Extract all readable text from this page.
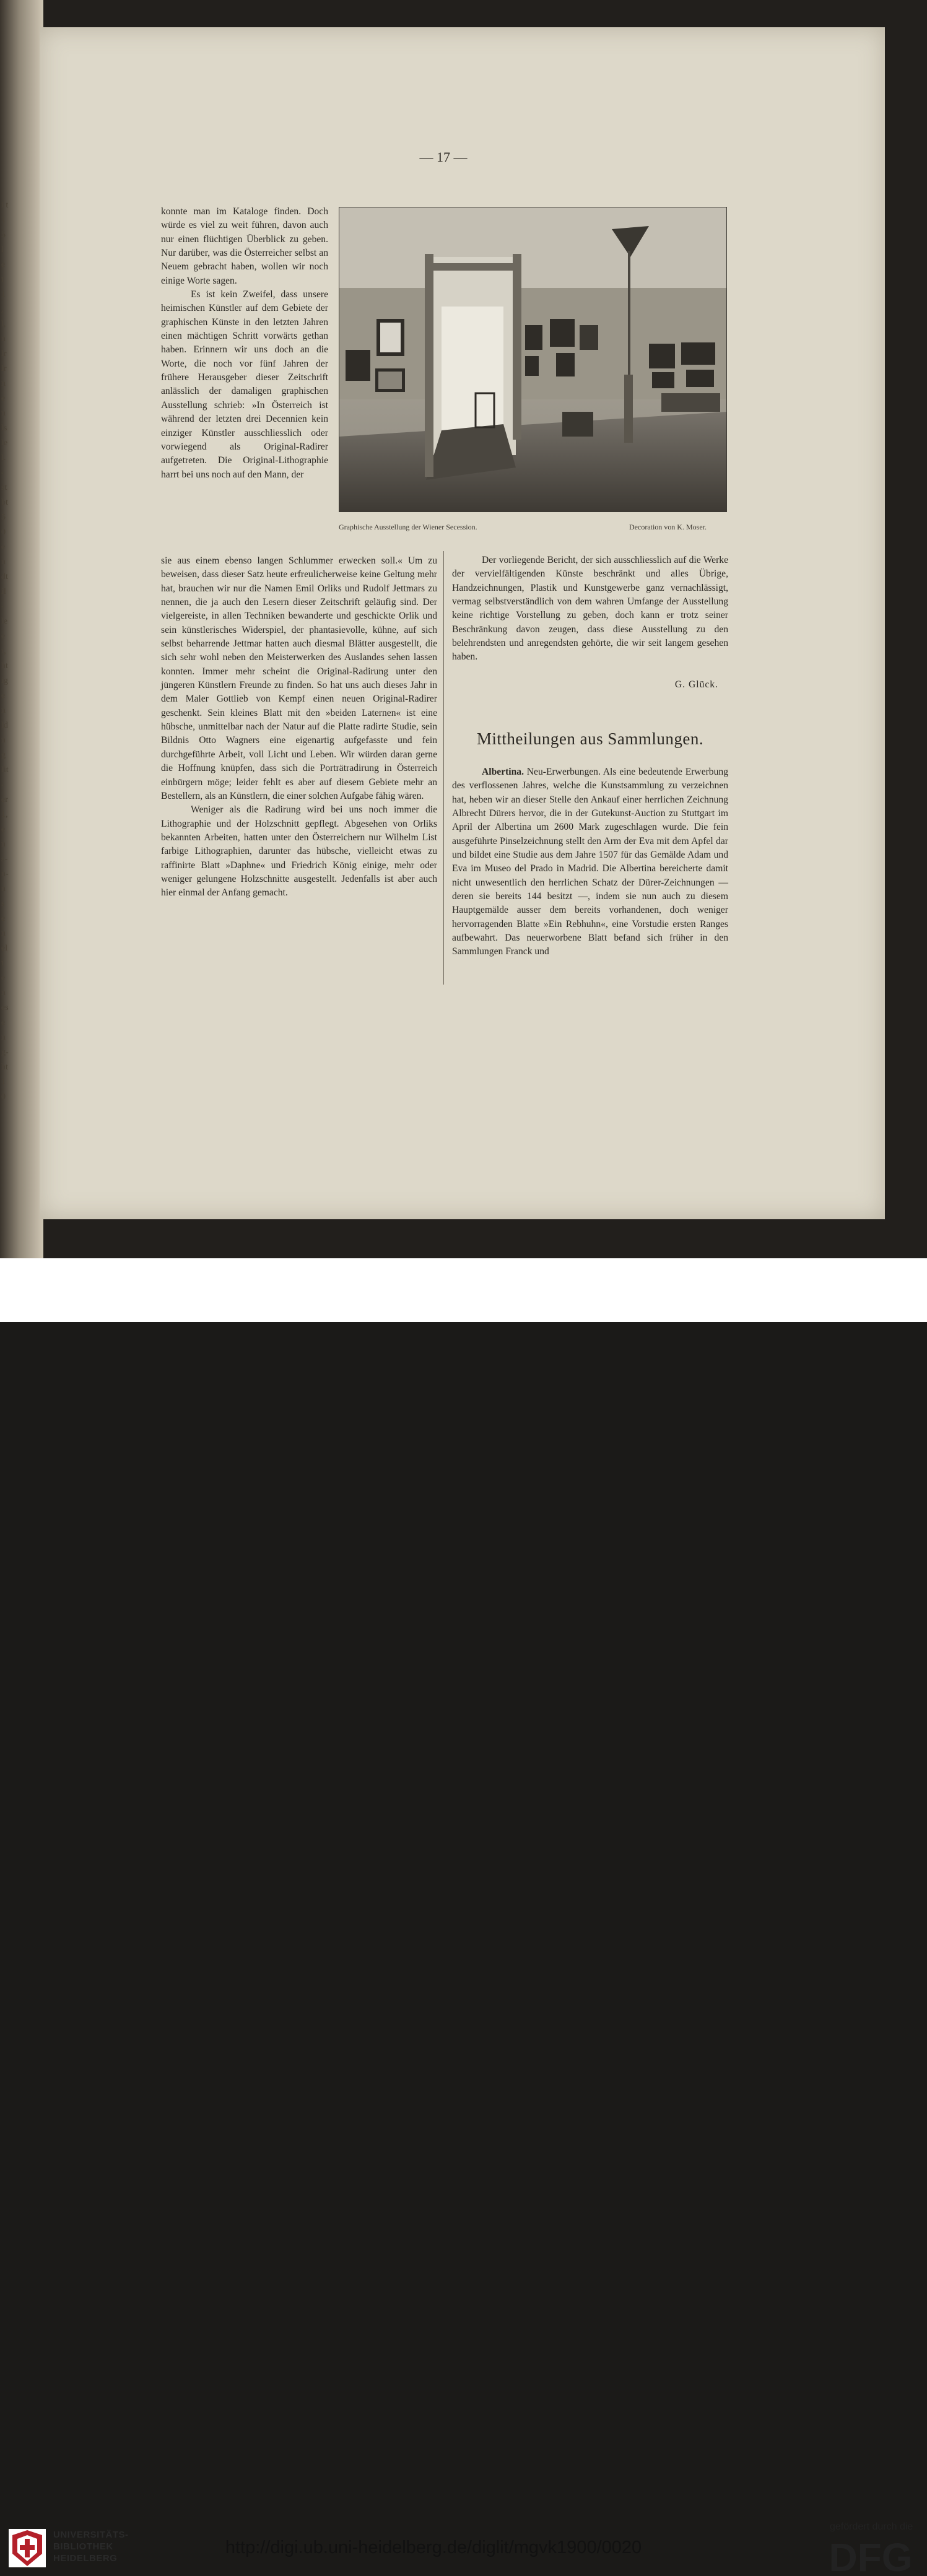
i t 1 5 l e t 1 , l, n lr lr n e n ls le l. - st bt 50 en dt il- le er, ht ig en ld ng lit- er 1, en s- n- ns en elt en es en g- ht 10
— 17 —

konnte man im Kataloge finden. Doch würde es viel zu weit führen, davon auch nur einen flüchtigen Überblick zu geben. Nur darüber, was die Österreicher selbst an Neuem gebracht haben, wollen wir noch einige Worte sagen.

Es ist kein Zweifel, dass unsere heimischen Künstler auf dem Gebiete der graphischen Künste in den letzten Jahren einen mächtigen Schritt vorwärts gethan haben. Erinnern wir uns doch an die Worte, die noch vor fünf Jahren der frühere Herausgeber dieser Zeitschrift anlässlich der damaligen graphischen Ausstellung schrieb: »In Österreich ist während der letzten drei Decennien kein einziger Künstler ausschliesslich oder vorwiegend als Original-Radirer aufgetreten. Die Original-Lithographie harrt bei uns noch auf den Mann, der

Graphische Ausstellung der Wiener Secession.	Decoration von K. Moser.

sie aus einem ebenso langen Schlummer erwecken soll.« Um zu beweisen, dass dieser Satz heute erfreulicherweise keine Geltung mehr hat, brauchen wir nur die Namen Emil Orliks und Rudolf Jettmars zu nennen, die ja auch den Lesern dieser Zeitschrift geläufig sind. Der vielgereiste, in allen Techniken bewanderte und geschickte Orlik und sein künstlerisches Widerspiel, der phantasievolle, kühne, auf sich selbst beharrende Jettmar hatten auch diesmal Blätter ausgestellt, die sich sehr wohl neben den Meisterwerken des Auslandes sehen lassen konnten. Immer mehr scheint die Original-Radirung unter den jüngeren Künstlern Freunde zu finden. So hat uns auch dieses Jahr in dem Maler Gottlieb von Kempf einen neuen Original-Radirer geschenkt. Sein kleines Blatt mit den »beiden Laternen« ist eine hübsche, unmittelbar nach der Natur auf die Platte radirte Studie, sein Bildnis Otto Wagners eine eigenartig aufgefasste und fein durchgeführte Arbeit, voll Licht und Leben. Wir würden daran gerne die Hoffnung knüpfen, dass sich die Porträtradirung in Österreich einbürgern möge; leider fehlt es aber auf diesem Gebiete mehr an Bestellern, als an Künstlern, die einer solchen Aufgabe fähig wären.

Weniger als die Radirung wird bei uns noch immer die Lithographie und der Holzschnitt gepflegt. Abgesehen von Orliks bekannten Arbeiten, hatten unter den Österreichern nur Wilhelm List farbige Lithographien, darunter das hübsche, vielleicht etwas zu raffinirte Blatt »Daphne« und Friedrich König einige, mehr oder weniger gelungene Holzschnitte ausgestellt. Jedenfalls ist aber auch hier einmal der Anfang gemacht.

Der vorliegende Bericht, der sich ausschliesslich auf die Werke der vervielfältigenden Künste beschränkt und alles Übrige, Handzeichnungen, Plastik und Kunstgewerbe ganz vernachlässigt, vermag selbstverständlich von dem wahren Umfange der Ausstellung keine richtige Vorstellung zu geben, doch kann er trotz seiner Beschränkung davon zeugen, dass diese Ausstellung zu den belehrendsten und anregendsten gehörte, die wir seit langem gesehen haben.

G. Glück.
Mittheilungen aus Sammlungen.

Albertina. Neu-Erwerbungen. Als eine bedeutende Erwerbung des verflossenen Jahres, welche die Kunstsammlung zu verzeichnen hat, heben wir an dieser Stelle den Ankauf einer herrlichen Zeichnung Albrecht Dürers hervor, die in der Gutekunst-Auction zu Stuttgart im April der Albertina um 2600 Mark zugeschlagen wurde. Die fein ausgeführte Pinselzeichnung stellt den Arm der Eva mit dem Apfel dar und bildet eine Studie aus dem Jahre 1507 für das Gemälde Adam und Eva im Museo del Prado in Madrid. Die Albertina bereicherte damit nicht unwesentlich den herrlichen Schatz der Dürer-Zeichnungen — deren sie bereits 144 besitzt —, indem sie nun auch zu diesem Hauptgemälde ausser dem bereits vorhandenen, doch weniger hervorragenden Blatte »Ein Rebhuhn«, eine Vorstudie ersten Ranges aufbewahrt. Das neuerworbene Blatt befand sich früher in den Sammlungen Franck und

UNIVERSITÄTS-
BIBLIOTHEK
HEIDELBERG
http://digi.ub.uni-heidelberg.de/diglit/mgvk1900/0020
gefördert durch die
DFG
